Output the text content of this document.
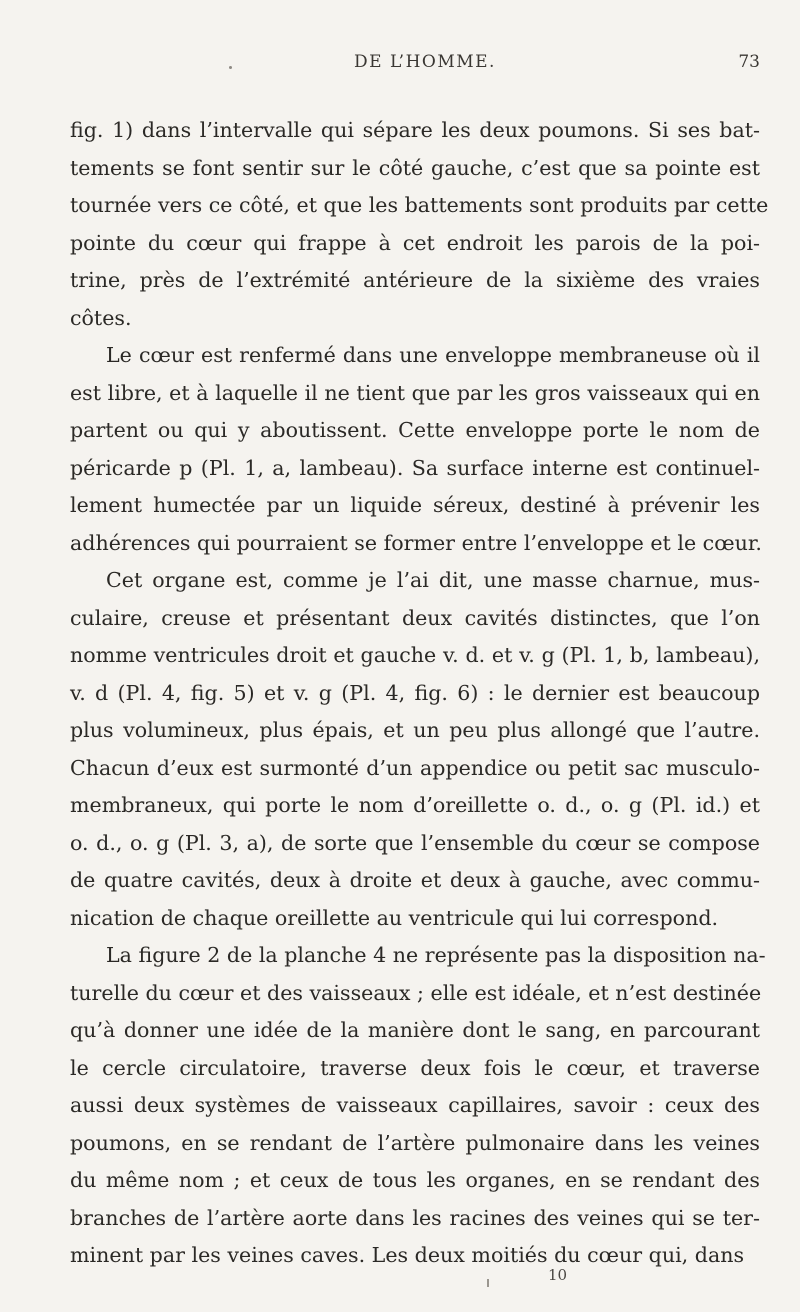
DE L’HOMME.	73
fig. 1) dans l’intervalle qui sépare les deux poumons. Si ses bat-
tements se font sentir sur le côté gauche, c’est que sa pointe est
tournée vers ce côté, et que les battements sont produits par cette
pointe du cœur qui frappe à cet endroit les parois de la poi-
trine, près de l’extrémité antérieure de la sixième des vraies
côtes.
Le cœur est renfermé dans une enveloppe membraneuse où il
est libre, et à laquelle il ne tient que par les gros vaisseaux qui en
partent ou qui y aboutissent. Cette enveloppe porte le nom de
péricarde p (Pl. 1, a, lambeau). Sa surface interne est continuel-
lement humectée par un liquide séreux, destiné à prévenir les
adhérences qui pourraient se former entre l’enveloppe et le cœur.
Cet organe est, comme je l’ai dit, une masse charnue, mus-
culaire, creuse et présentant deux cavités distinctes, que l’on
nomme ventricules droit et gauche v. d. et v. g (Pl. 1, b, lambeau),
v. d (Pl. 4, fig. 5) et v. g (Pl. 4, fig. 6) : le dernier est beaucoup
plus volumineux, plus épais, et un peu plus allongé que l’autre.
Chacun d’eux est surmonté d’un appendice ou petit sac musculo-
membraneux, qui porte le nom d’oreillette o. d., o. g (Pl. id.) et
o. d., o. g (Pl. 3, a), de sorte que l’ensemble du cœur se compose
de quatre cavités, deux à droite et deux à gauche, avec commu-
nication de chaque oreillette au ventricule qui lui correspond.
La figure 2 de la planche 4 ne représente pas la disposition na-
turelle du cœur et des vaisseaux ; elle est idéale, et n’est destinée
qu’à donner une idée de la manière dont le sang, en parcourant
le cercle circulatoire, traverse deux fois le cœur, et traverse
aussi deux systèmes de vaisseaux capillaires, savoir : ceux des
poumons, en se rendant de l’artère pulmonaire dans les veines
du même nom ; et ceux de tous les organes, en se rendant des
branches de l’artère aorte dans les racines des veines qui se ter-
minent par les veines caves. Les deux moitiés du cœur qui, dans
10
